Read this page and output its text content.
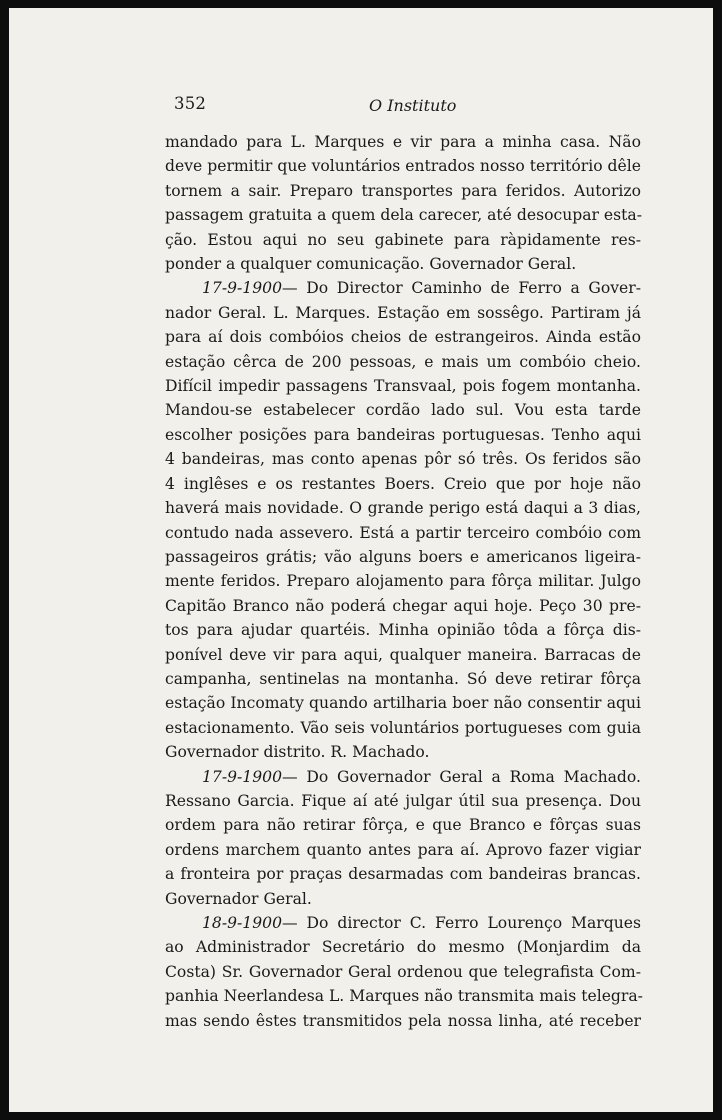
352	O Instituto
mandado para L. Marques e vir para a minha casa. Não
deve permitir que voluntários entrados nosso território dêle
tornem a sair. Preparo transportes para feridos. Autorizo
passagem gratuita a quem dela carecer, até desocupar esta-
ção. Estou aqui no seu gabinete para ràpidamente res-
ponder a qualquer comunicação. Governador Geral.
17-9-1900— Do Director Caminho de Ferro a Gover-
nador Geral. L. Marques. Estação em sossêgo. Partiram já
para aí dois combóios cheios de estrangeiros. Ainda estão
estação cêrca de 200 pessoas, e mais um combóio cheio.
Difícil impedir passagens Transvaal, pois fogem montanha.
Mandou-se estabelecer cordão lado sul. Vou esta tarde
escolher posições para bandeiras portuguesas. Tenho aqui
4 bandeiras, mas conto apenas pôr só três. Os feridos são
4 inglêses e os restantes Boers. Creio que por hoje não
haverá mais novidade. O grande perigo está daqui a 3 dias,
contudo nada assevero. Está a partir terceiro combóio com
passageiros grátis; vão alguns boers e americanos ligeira-
mente feridos. Preparo alojamento para fôrça militar. Julgo
Capitão Branco não poderá chegar aqui hoje. Peço 30 pre-
tos para ajudar quartéis. Minha opinião tôda a fôrça dis-
ponível deve vir para aqui, qualquer maneira. Barracas de
campanha, sentinelas na montanha. Só deve retirar fôrça
estação Incomaty quando artilharia boer não consentir aqui
estacionamento. Vão seis voluntários portugueses com guia
Governador distrito. R. Machado.
17-9-1900— Do Governador Geral a Roma Machado.
Ressano Garcia. Fique aí até julgar útil sua presença. Dou
ordem para não retirar fôrça, e que Branco e fôrças suas
ordens marchem quanto antes para aí. Aprovo fazer vigiar
a fronteira por praças desarmadas com bandeiras brancas.
Governador Geral.
18-9-1900— Do director C. Ferro Lourenço Marques
ao Administrador Secretário do mesmo (Monjardim da
Costa) Sr. Governador Geral ordenou que telegrafista Com-
panhia Neerlandesa L. Marques não transmita mais telegra-
mas sendo êstes transmitidos pela nossa linha, até receber
